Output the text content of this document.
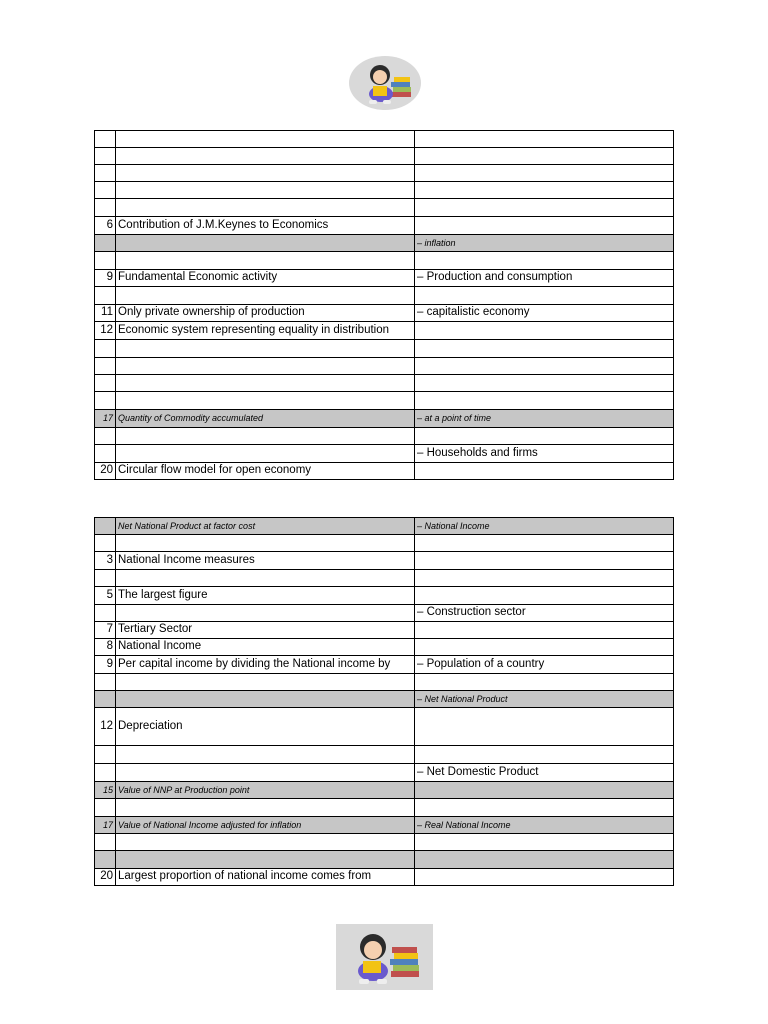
6	Contribution of J.M.Keynes to Economics	
		– inflation

9	Fundamental Economic activity	– Production and consumption

11	Only private ownership of production	– capitalistic economy
12	Economic system representing equality in distribution	

17	Quantity of Commodity accumulated	– at a point of time

		– Households and firms
20	Circular flow model for open economy	
	Net National Product at factor cost	– National Income

3	National Income measures	

5	The largest figure	
		– Construction sector
7	Tertiary Sector	
8	National Income	
9	Per capital income by dividing the National income by	– Population of a country

		– Net National Product
12	Depreciation	

		– Net Domestic Product
15	Value of NNP at Production point	

17	Value of National Income adjusted for inflation	– Real National Income

20	Largest proportion of national income comes from	
